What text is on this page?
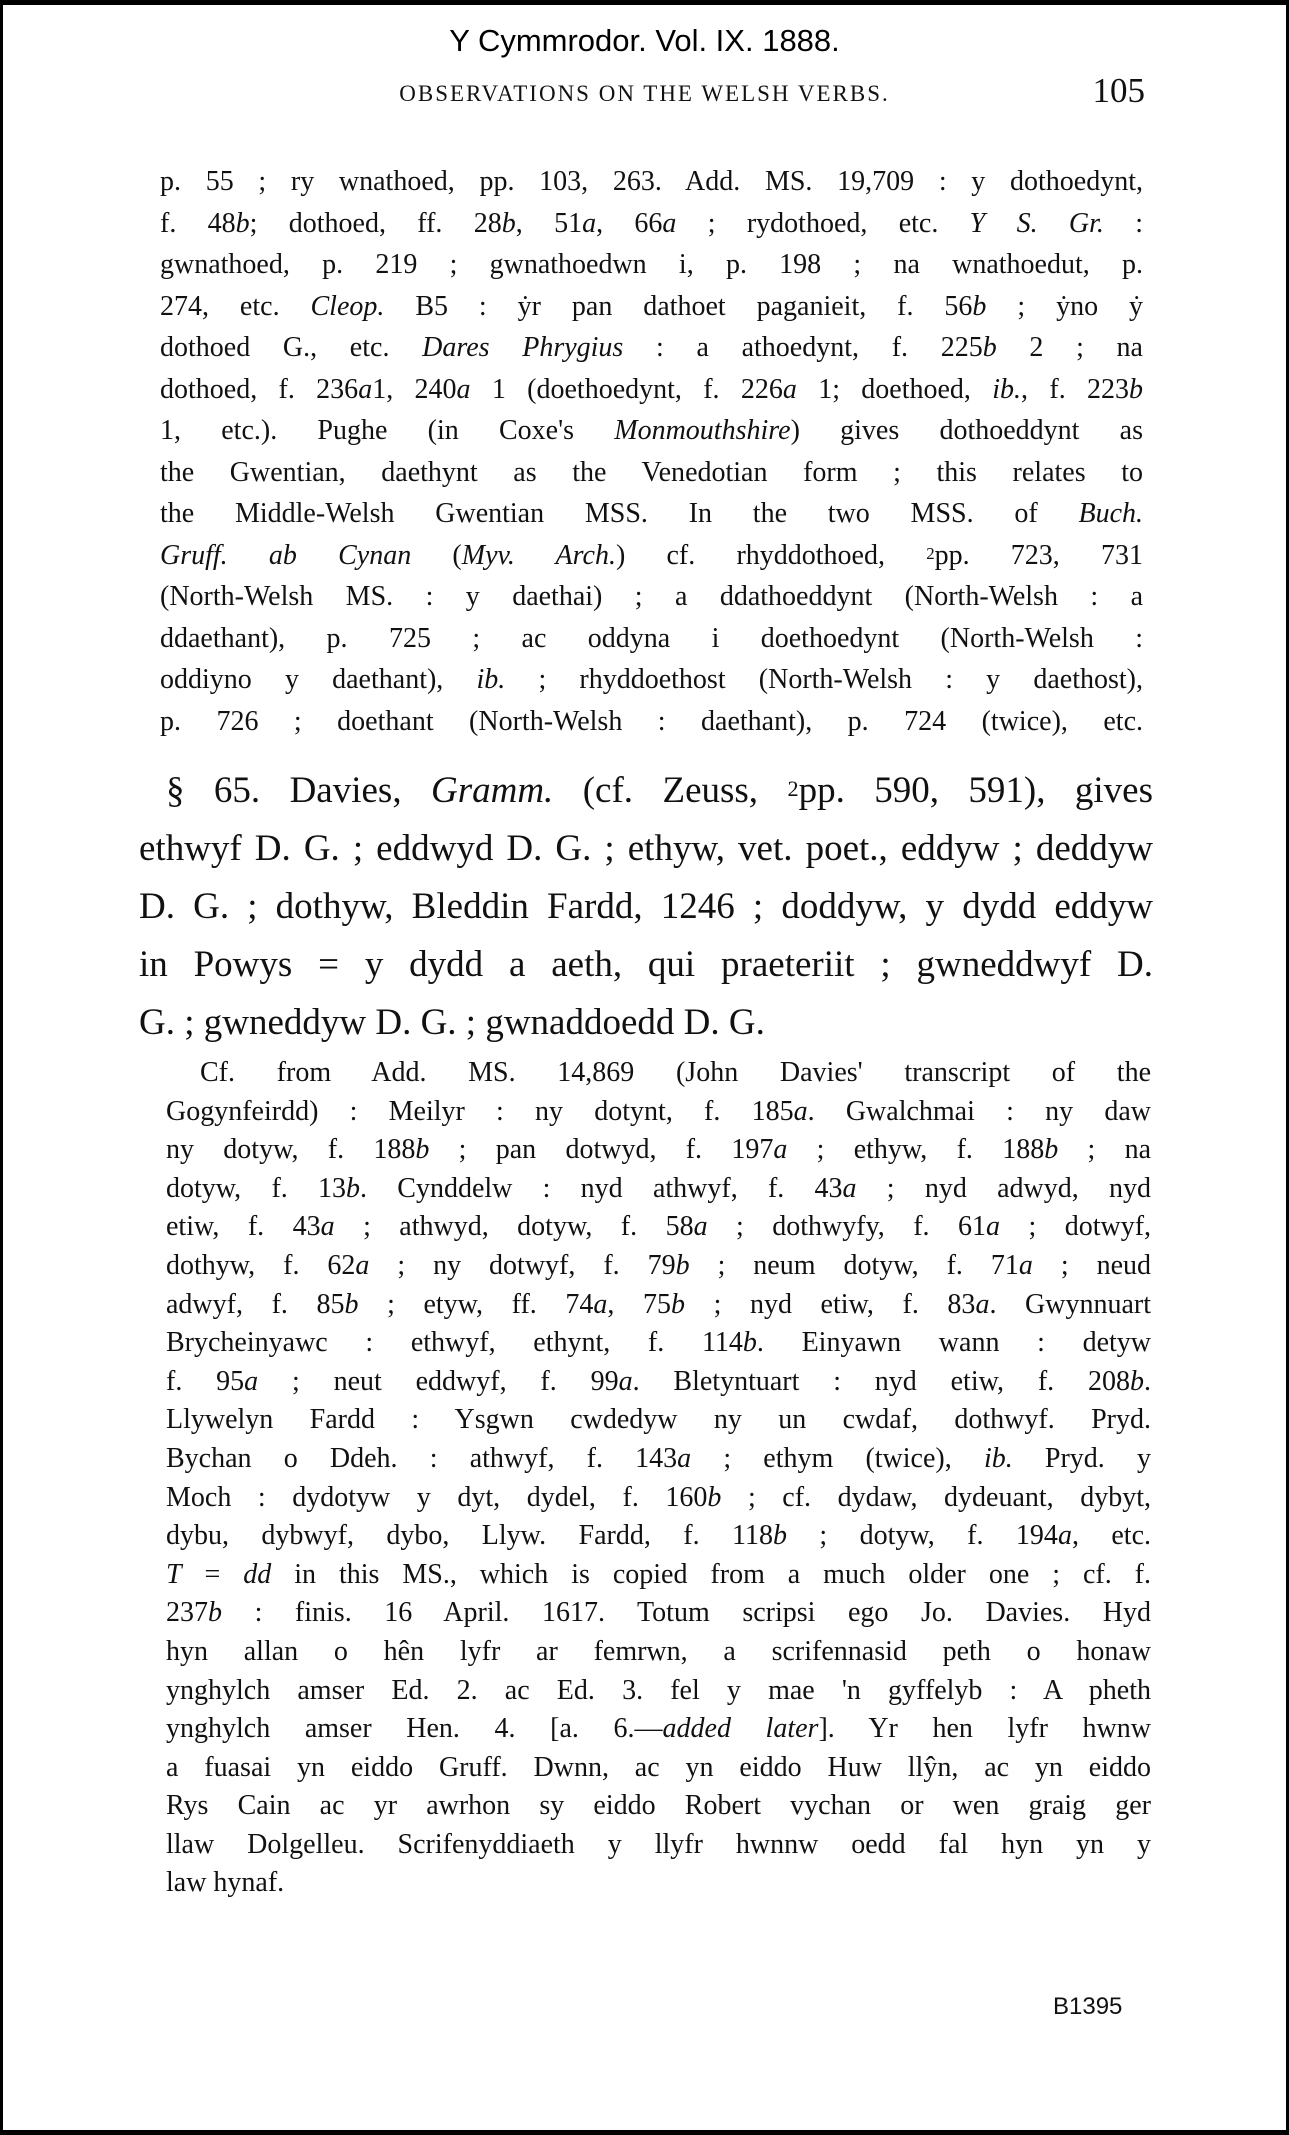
Y Cymmrodor. Vol. IX. 1888.
OBSERVATIONS ON THE WELSH VERBS.	105
p. 55 ; ry wnathoed, pp. 103, 263. Add. MS. 19,709 : y dothoedynt,
f. 48b; dothoed, ff. 28b, 51a, 66a ; rydothoed, etc. Y S. Gr. :
gwnathoed, p. 219 ; gwnathoedwn i, p. 198 ; na wnathoedut, p.
274, etc. Cleop. B5 : ẏr pan dathoet paganieit, f. 56b ; ẏno ẏ
dothoed G., etc. Dares Phrygius : a athoedynt, f. 225b 2 ; na
dothoed, f. 236a1, 240a 1 (doethoedynt, f. 226a 1; doethoed, ib., f. 223b
1, etc.). Pughe (in Coxe's Monmouthshire) gives dothoeddynt as
the Gwentian, daethynt as the Venedotian form ; this relates to
the Middle-Welsh Gwentian MSS. In the two MSS. of Buch.
Gruff. ab Cynan (Myv. Arch.) cf. rhyddothoed, $^2$pp. 723, 731
(North-Welsh MS. : y daethai) ; a ddathoeddynt (North-Welsh : a
ddaethant), p. 725 ; ac oddyna i doethoedynt (North-Welsh :
oddiyno y daethant), ib. ; rhyddoethost (North-Welsh : y daethost),
p. 726 ; doethant (North-Welsh : daethant), p. 724 (twice), etc.
§ 65. Davies, Gramm. (cf. Zeuss, $^2$pp. 590, 591), gives
ethwyf D. G. ; eddwyd D. G. ; ethyw, vet. poet., eddyw ; deddyw
D. G. ; dothyw, Bleddin Fardd, 1246 ; doddyw, y dydd eddyw
in Powys = y dydd a aeth, qui praeteriit ; gwneddwyf D.
G. ; gwneddyw D. G. ; gwnaddoedd D. G.
Cf. from Add. MS. 14,869 (John Davies' transcript of the
Gogynfeirdd) : Meilyr : ny dotynt, f. 185a. Gwalchmai : ny daw
ny dotyw, f. 188b ; pan dotwyd, f. 197a ; ethyw, f. 188b ; na
dotyw, f. 13b. Cynddelw : nyd athwyf, f. 43a ; nyd adwyd, nyd
etiw, f. 43a ; athwyd, dotyw, f. 58a ; dothwyfy, f. 61a ; dotwyf,
dothyw, f. 62a ; ny dotwyf, f. 79b ; neum dotyw, f. 71a ; neud
adwyf, f. 85b ; etyw, ff. 74a, 75b ; nyd etiw, f. 83a. Gwynnuart
Brycheinyawc : ethwyf, ethynt, f. 114b. Einyawn wann : detyw
f. 95a ; neut eddwyf, f. 99a. Bletyntuart : nyd etiw, f. 208b.
Llywelyn Fardd : Ysgwn cwdedyw ny un cwdaf, dothwyf. Pryd.
Bychan o Ddeh. : athwyf, f. 143a ; ethym (twice), ib. Pryd. y
Moch : dydotyw y dyt, dydel, f. 160b ; cf. dydaw, dydeuant, dybyt,
dybu, dybwyf, dybo, Llyw. Fardd, f. 118b ; dotyw, f. 194a, etc.
T = dd in this MS., which is copied from a much older one ; cf. f.
237b : finis. 16 April. 1617. Totum scripsi ego Jo. Davies. Hyd
hyn allan o hên lyfr ar femrwn, a scrifennasid peth o honaw
ynghylch amser Ed. 2. ac Ed. 3. fel y mae 'n gyffelyb : A pheth
ynghylch amser Hen. 4. [a. 6.—added later]. Yr hen lyfr hwnw
a fuasai yn eiddo Gruff. Dwnn, ac yn eiddo Huw llŷn, ac yn eiddo
Rys Cain ac yr awrhon sy eiddo Robert vychan or wen graig ger
llaw Dolgelleu. Scrifenyddiaeth y llyfr hwnnw oedd fal hyn yn y
law hynaf.
B1395
